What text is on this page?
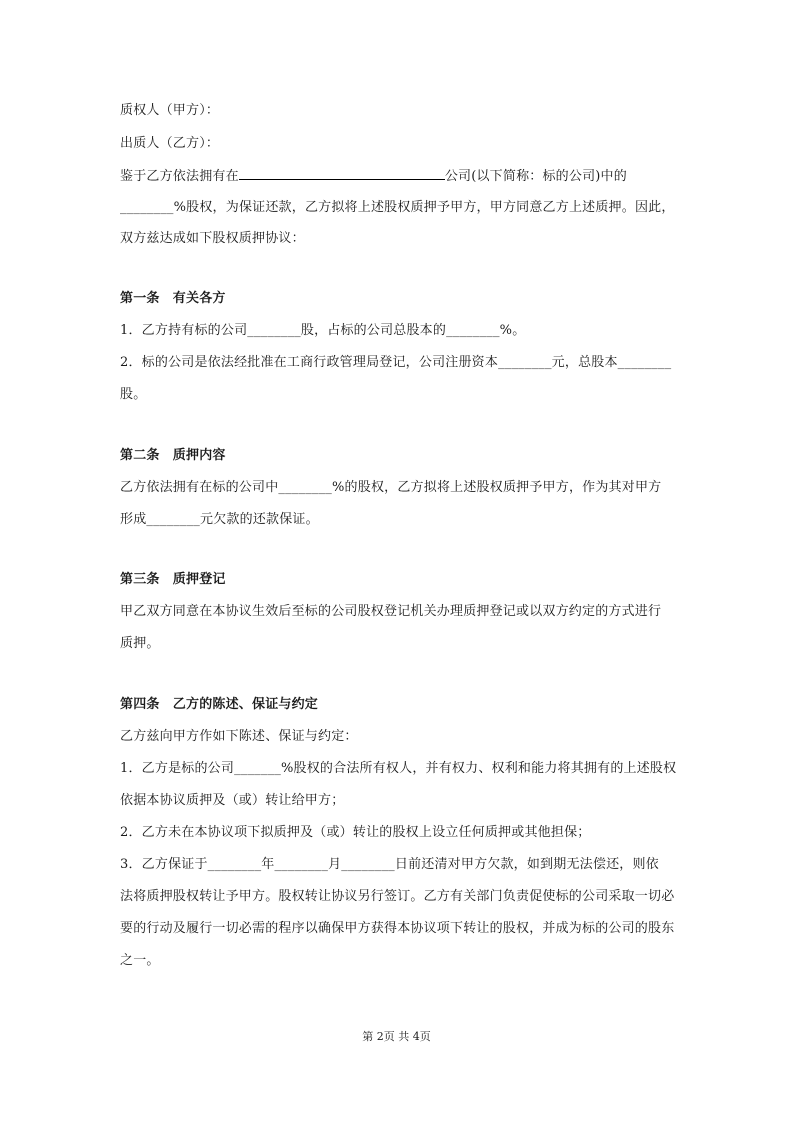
质权人（甲方）：
出质人（乙方）：
鉴于乙方依法拥有在	公司(以下简称：标的公司)中的
________%股权，为保证还款，乙方拟将上述股权质押予甲方，甲方同意乙方上述质押。因此，
双方兹达成如下股权质押协议：
第一条　有关各方
1．乙方持有标的公司________股，占标的公司总股本的________%。
2．标的公司是依法经批准在工商行政管理局登记，公司注册资本________元，总股本________
股。
第二条　质押内容
乙方依法拥有在标的公司中________%的股权，乙方拟将上述股权质押予甲方，作为其对甲方
形成________元欠款的还款保证。
第三条　质押登记
甲乙双方同意在本协议生效后至标的公司股权登记机关办理质押登记或以双方约定的方式进行
质押。
第四条　乙方的陈述、保证与约定
乙方兹向甲方作如下陈述、保证与约定：
1．乙方是标的公司_______%股权的合法所有权人，并有权力、权利和能力将其拥有的上述股权
依据本协议质押及（或）转让给甲方；
2．乙方未在本协议项下拟质押及（或）转让的股权上设立任何质押或其他担保；
3．乙方保证于________年________月________日前还清对甲方欠款，如到期无法偿还，则依
法将质押股权转让予甲方。股权转让协议另行签订。乙方有关部门负责促使标的公司采取一切必
要的行动及履行一切必需的程序以确保甲方获得本协议项下转让的股权，并成为标的公司的股东
之一。
第 2页 共 4页
